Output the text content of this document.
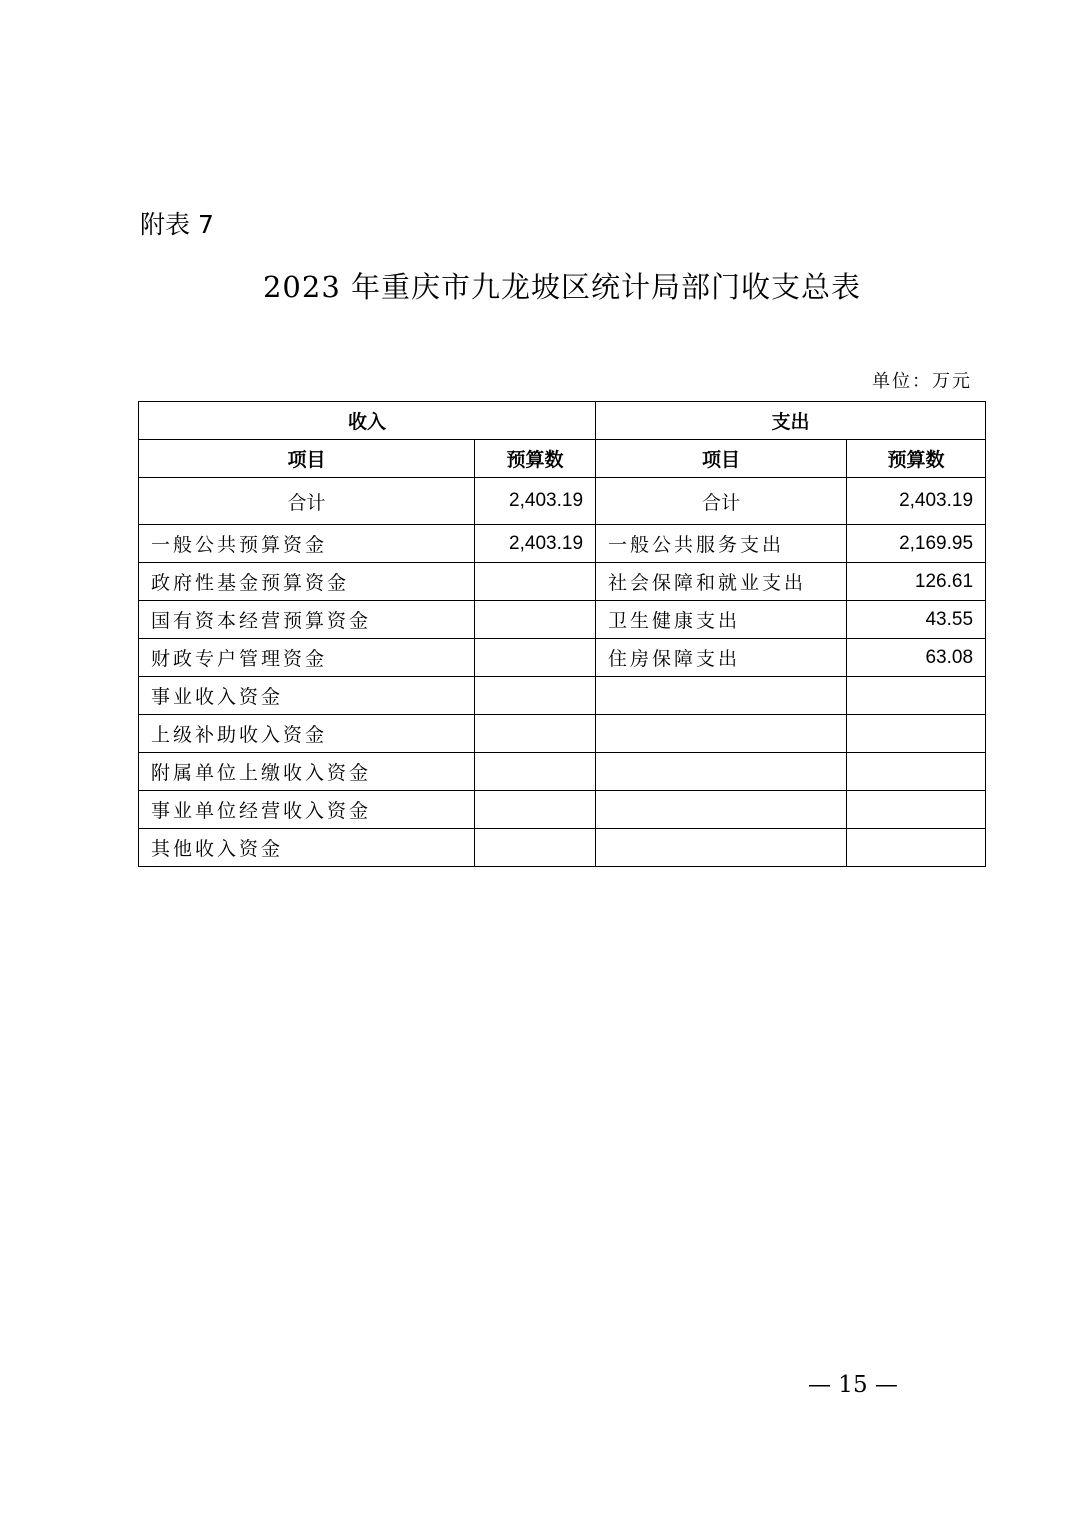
附表 7
2023 年重庆市九龙坡区统计局部门收支总表
单位：万元
收入		支出	
项目	预算数	项目	预算数
合计	2,403.19	合计	2,403.19
一般公共预算资金	2,403.19	一般公共服务支出	2,169.95
政府性基金预算资金		社会保障和就业支出	126.61
国有资本经营预算资金		卫生健康支出	43.55
财政专户管理资金		住房保障支出	63.08
事业收入资金			
上级补助收入资金			
附属单位上缴收入资金			
事业单位经营收入资金			
其他收入资金			
— 15 —
